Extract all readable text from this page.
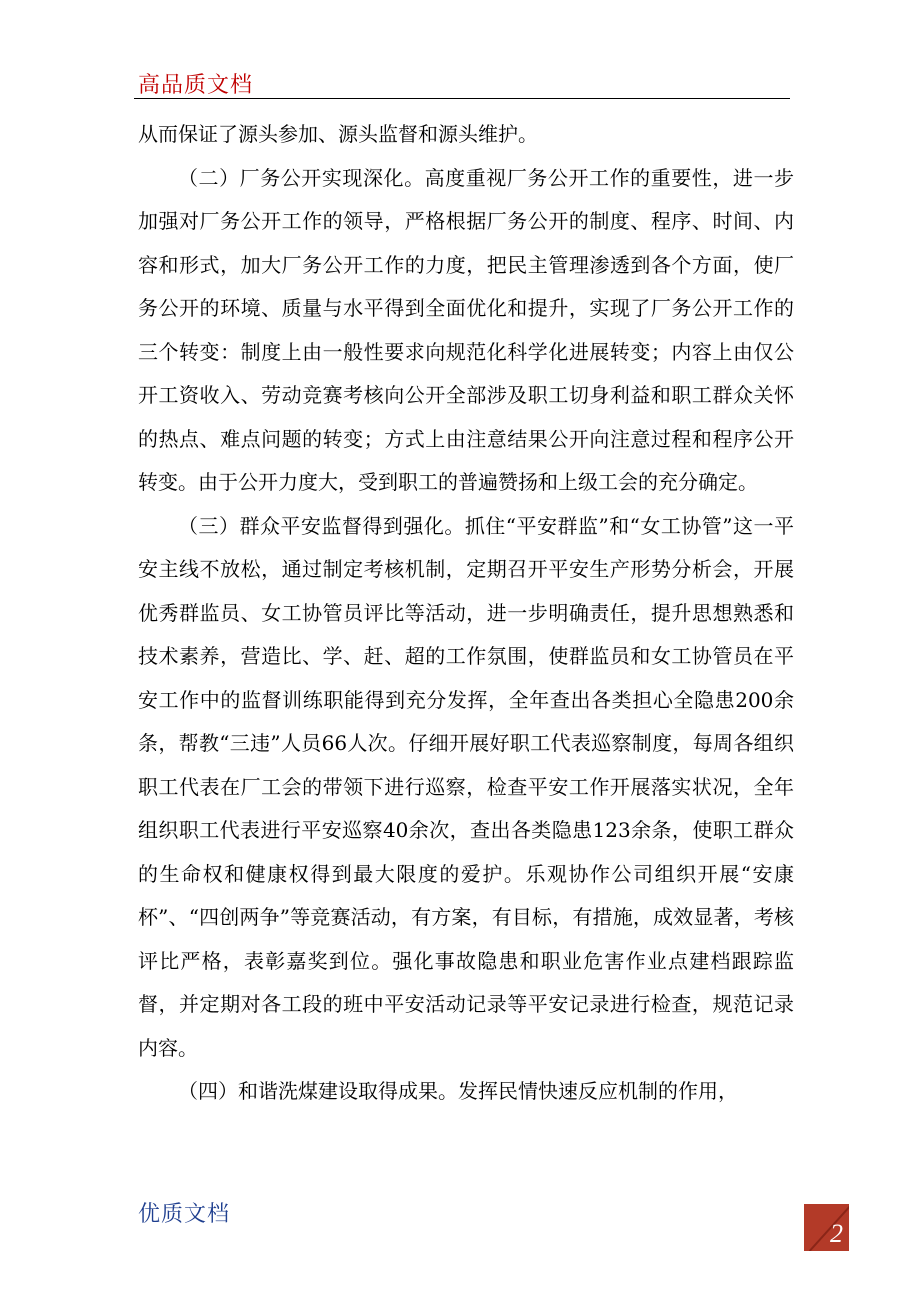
高品质文档

从而保证了源头参加、源头监督和源头维护。

（二）厂务公开实现深化。高度重视厂务公开工作的重要性，进一步加强对厂务公开工作的领导，严格根据厂务公开的制度、程序、时间、内容和形式，加大厂务公开工作的力度，把民主管理渗透到各个方面，使厂务公开的环境、质量与水平得到全面优化和提升，实现了厂务公开工作的三个转变：制度上由一般性要求向规范化科学化进展转变；内容上由仅公开工资收入、劳动竞赛考核向公开全部涉及职工切身利益和职工群众关怀的热点、难点问题的转变；方式上由注意结果公开向注意过程和程序公开转变。由于公开力度大，受到职工的普遍赞扬和上级工会的充分确定。

（三）群众平安监督得到强化。抓住“平安群监”和“女工协管”这一平安主线不放松，通过制定考核机制，定期召开平安生产形势分析会，开展优秀群监员、女工协管员评比等活动，进一步明确责任，提升思想熟悉和技术素养，营造比、学、赶、超的工作氛围，使群监员和女工协管员在平安工作中的监督训练职能得到充分发挥，全年查出各类担心全隐患200余条，帮教“三违”人员66人次。仔细开展好职工代表巡察制度，每周各组织职工代表在厂工会的带领下进行巡察，检查平安工作开展落实状况，全年组织职工代表进行平安巡察40余次，查出各类隐患123余条，使职工群众的生命权和健康权得到最大限度的爱护。乐观协作公司组织开展“安康杯”、“四创两争”等竞赛活动，有方案，有目标，有措施，成效显著，考核评比严格，表彰嘉奖到位。强化事故隐患和职业危害作业点建档跟踪监督，并定期对各工段的班中平安活动记录等平安记录进行检查，规范记录内容。

（四）和谐洗煤建设取得成果。发挥民情快速反应机制的作用，

优质文档
2
